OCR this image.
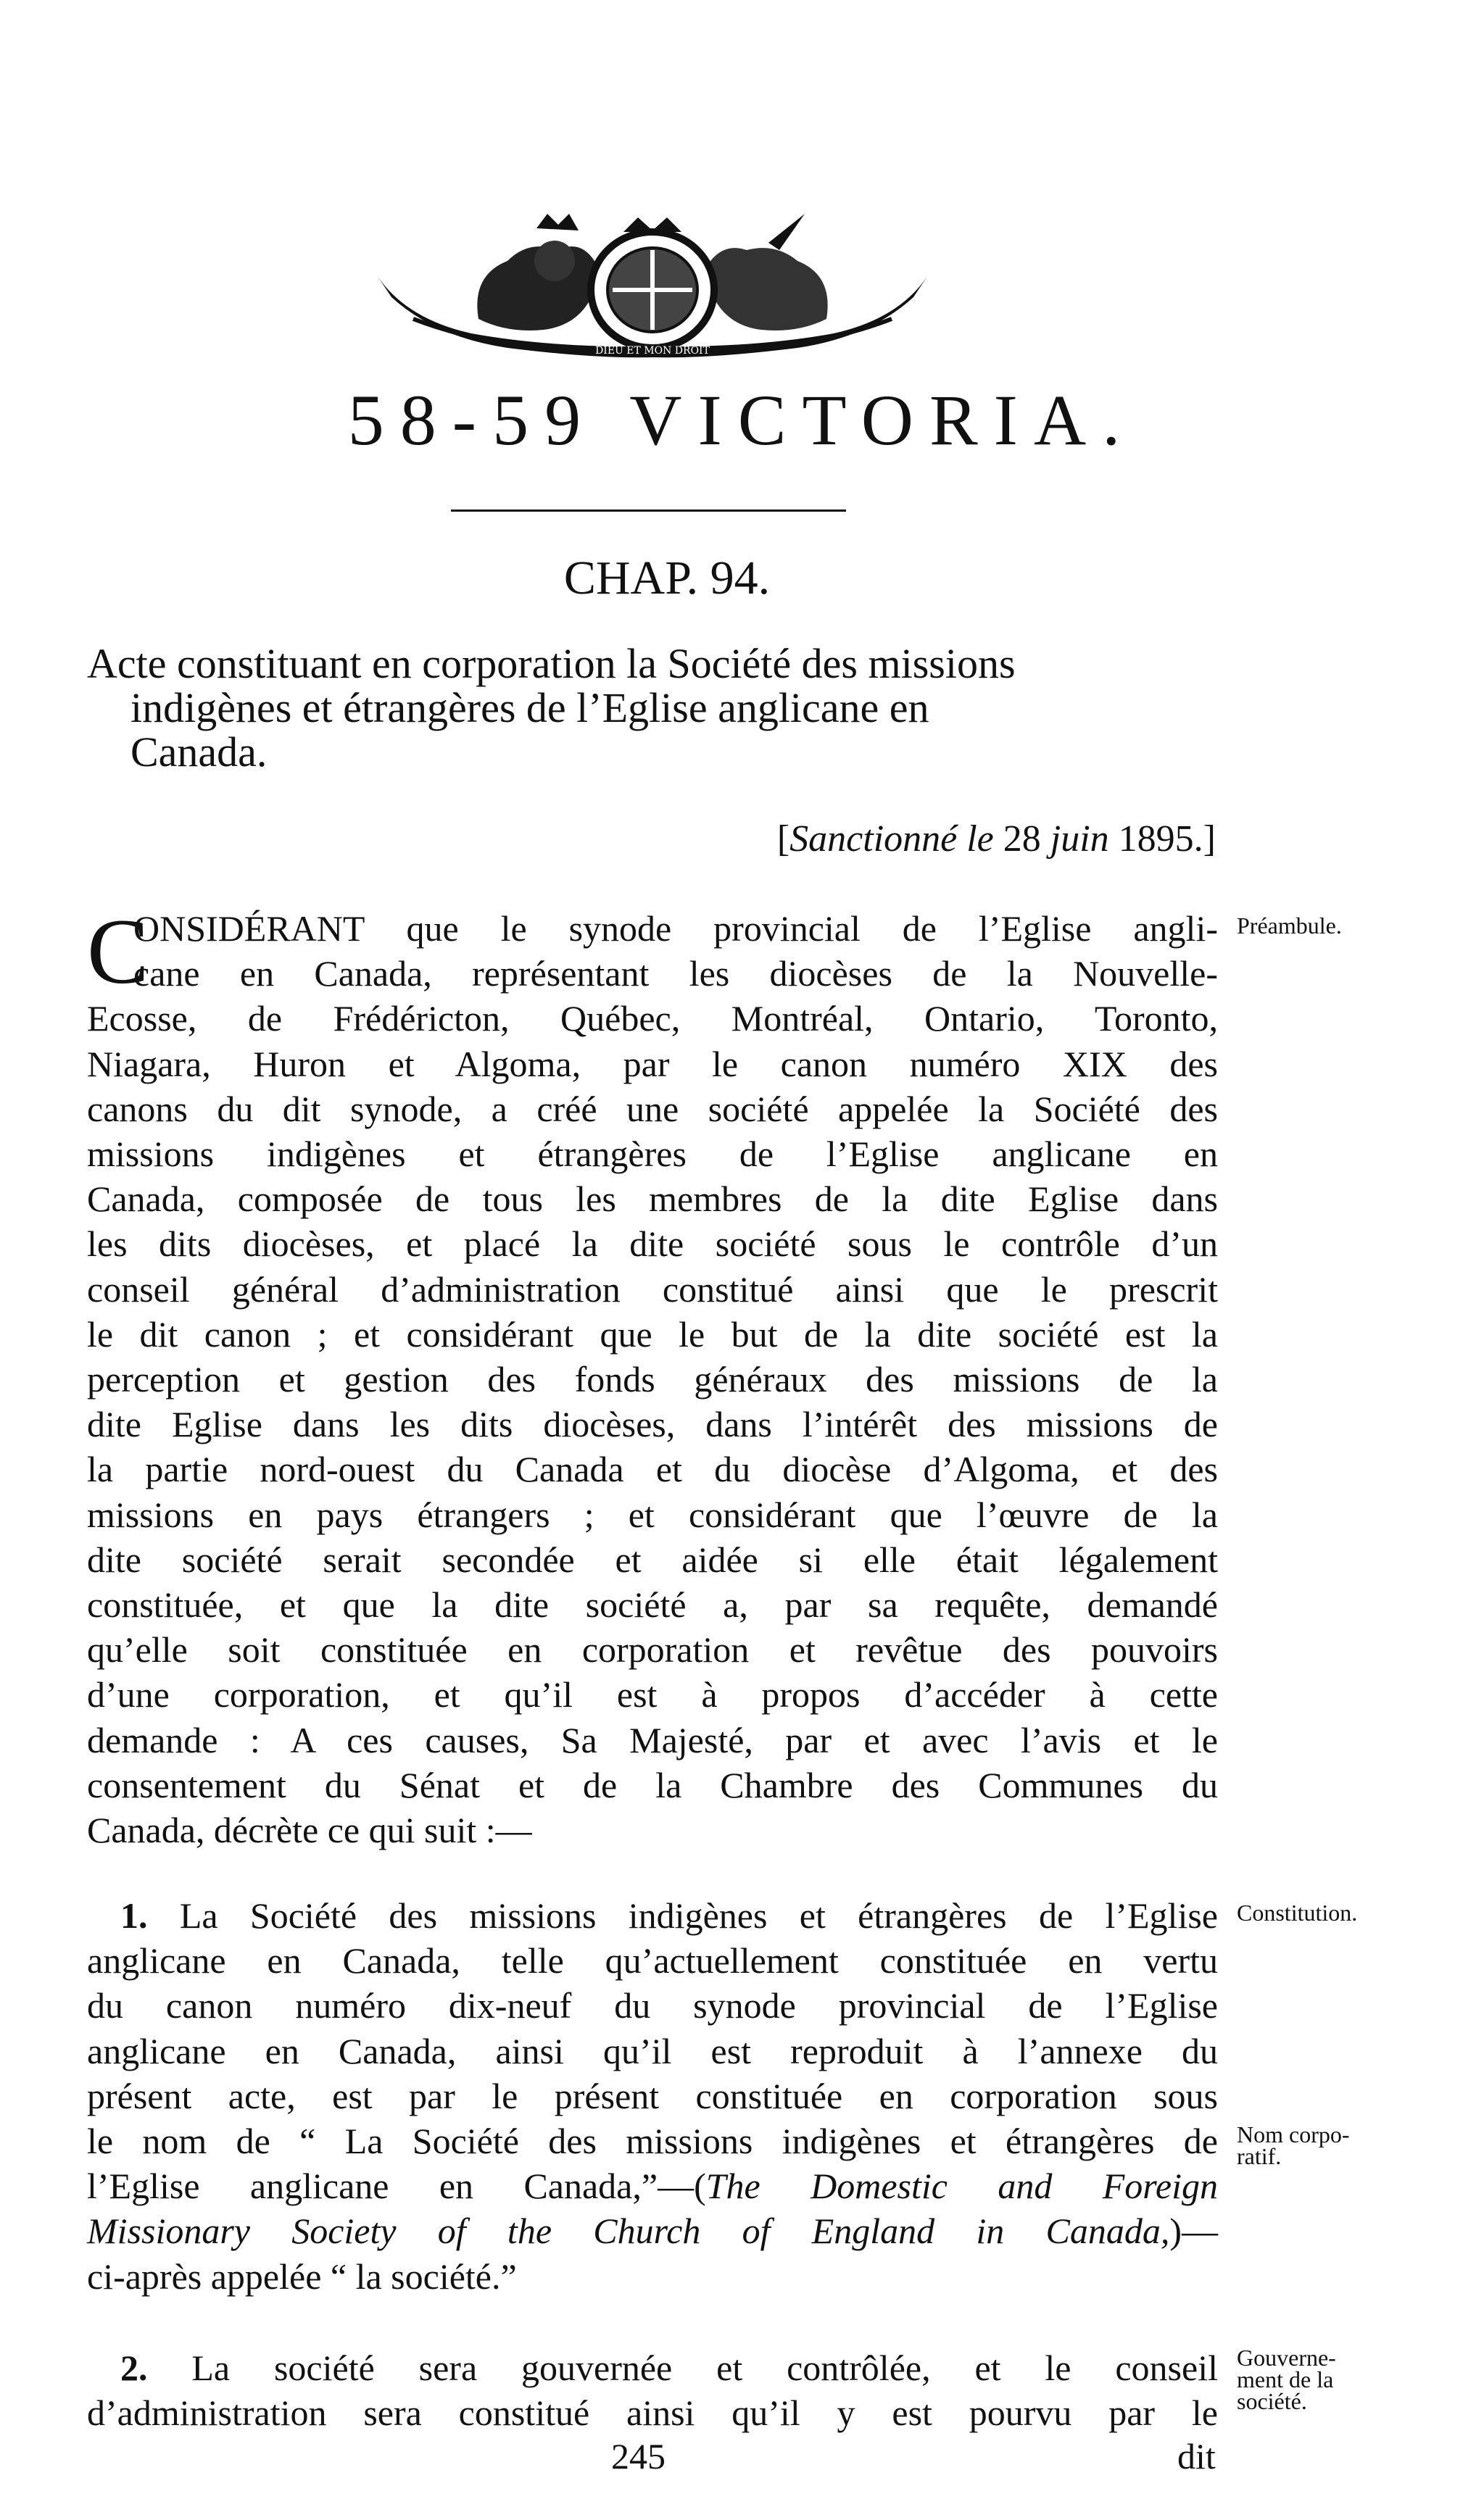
DIEU ET MON DROIT
58-59 VICTORIA.
CHAP. 94.
Acte constituant en corporation la Société des missions
indigènes et étrangères de l’Eglise anglicane en
Canada.
[Sanctionné le 28 juin 1895.]
C
ONSIDÉRANT que le synode provincial de l’Eglise angli-
cane en Canada, représentant les diocèses de la Nouvelle-
Ecosse, de Frédéricton, Québec, Montréal, Ontario, Toronto,
Niagara, Huron et Algoma, par le canon numéro XIX des
canons du dit synode, a créé une société appelée la Société des
missions indigènes et étrangères de l’Eglise anglicane en
Canada, composée de tous les membres de la dite Eglise dans
les dits diocèses, et placé la dite société sous le contrôle d’un
conseil général d’administration constitué ainsi que le prescrit
le dit canon ; et considérant que le but de la dite société est la
perception et gestion des fonds généraux des missions de la
dite Eglise dans les dits diocèses, dans l’intérêt des missions de
la partie nord-ouest du Canada et du diocèse d’Algoma, et des
missions en pays étrangers ; et considérant que l’œuvre de la
dite société serait secondée et aidée si elle était légalement
constituée, et que la dite société a, par sa requête, demandé
qu’elle soit constituée en corporation et revêtue des pouvoirs
d’une corporation, et qu’il est à propos d’accéder à cette
demande : A ces causes, Sa Majesté, par et avec l’avis et le
consentement du Sénat et de la Chambre des Communes du
Canada, décrète ce qui suit :—
1. La Société des missions indigènes et étrangères de l’Eglise
anglicane en Canada, telle qu’actuellement constituée en vertu
du canon numéro dix-neuf du synode provincial de l’Eglise
anglicane en Canada, ainsi qu’il est reproduit à l’annexe du
présent acte, est par le présent constituée en corporation sous
le nom de “ La Société des missions indigènes et étrangères de
l’Eglise anglicane en Canada,”—(The Domestic and Foreign
Missionary Society of the Church of England in Canada,)—
ci-après appelée “ la société.”
2. La société sera gouvernée et contrôlée, et le conseil
d’administration sera constitué ainsi qu’il y est pourvu par le
Préambule.
Constitution.
Nom corpo-
ratif.
Gouverne-
ment de la
société.
245	dit
